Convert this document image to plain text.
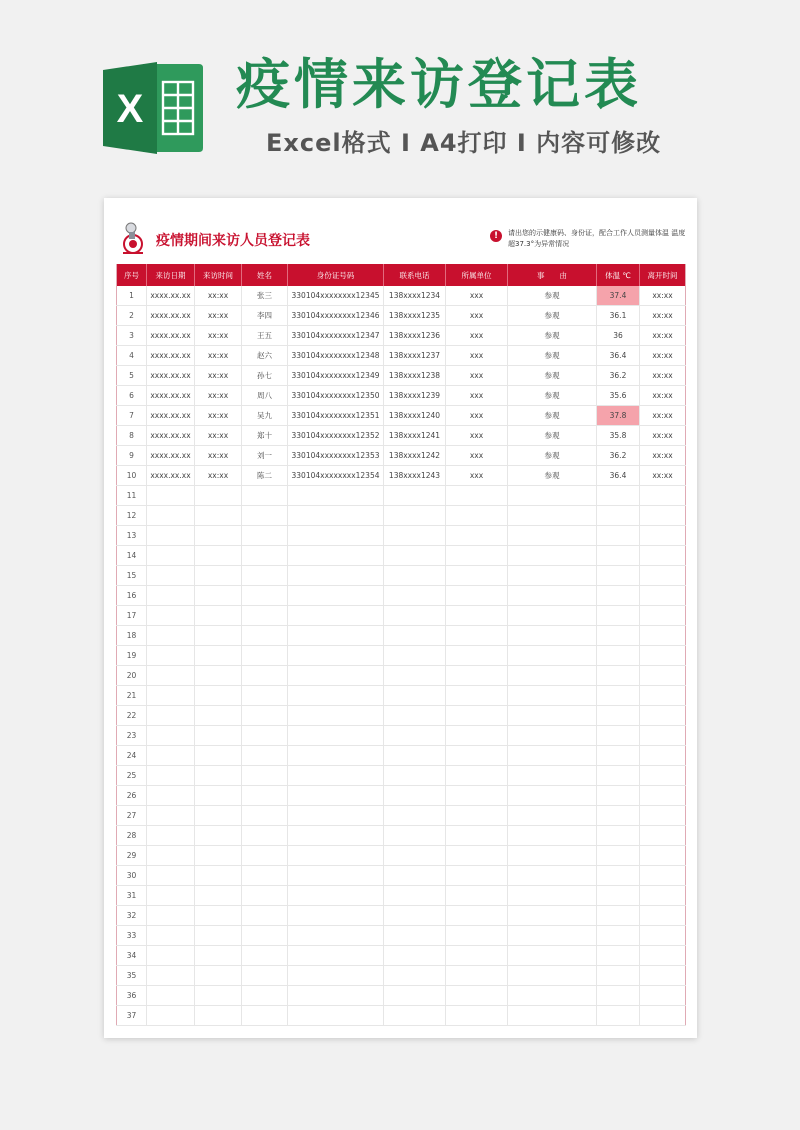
X 疫情来访登记表
Excel格式 Ⅰ A4打印 Ⅰ 内容可修改
疫情期间来访人员登记表	!	请出您的示健康码、身份证，配合工作人员测量体温 温度超37.3°为异常情况
序号	来访日期	来访时间	姓名	身份证号码	联系电话	所属单位	事　　由	体温 ℃	离开时间
1	xxxx.xx.xx	xx:xx	张三	330104xxxxxxxx12345	138xxxx1234	xxx	参观	37.4	xx:xx
2	xxxx.xx.xx	xx:xx	李四	330104xxxxxxxx12346	138xxxx1235	xxx	参观	36.1	xx:xx
3	xxxx.xx.xx	xx:xx	王五	330104xxxxxxxx12347	138xxxx1236	xxx	参观	36	xx:xx
4	xxxx.xx.xx	xx:xx	赵六	330104xxxxxxxx12348	138xxxx1237	xxx	参观	36.4	xx:xx
5	xxxx.xx.xx	xx:xx	孙七	330104xxxxxxxx12349	138xxxx1238	xxx	参观	36.2	xx:xx
6	xxxx.xx.xx	xx:xx	周八	330104xxxxxxxx12350	138xxxx1239	xxx	参观	35.6	xx:xx
7	xxxx.xx.xx	xx:xx	吴九	330104xxxxxxxx12351	138xxxx1240	xxx	参观	37.8	xx:xx
8	xxxx.xx.xx	xx:xx	郑十	330104xxxxxxxx12352	138xxxx1241	xxx	参观	35.8	xx:xx
9	xxxx.xx.xx	xx:xx	刘一	330104xxxxxxxx12353	138xxxx1242	xxx	参观	36.2	xx:xx
10	xxxx.xx.xx	xx:xx	陈二	330104xxxxxxxx12354	138xxxx1243	xxx	参观	36.4	xx:xx
11									
12									
13									
14									
15									
16									
17									
18									
19									
20									
21									
22									
23									
24									
25									
26									
27									
28									
29									
30									
31									
32									
33									
34									
35									
36									
37									
